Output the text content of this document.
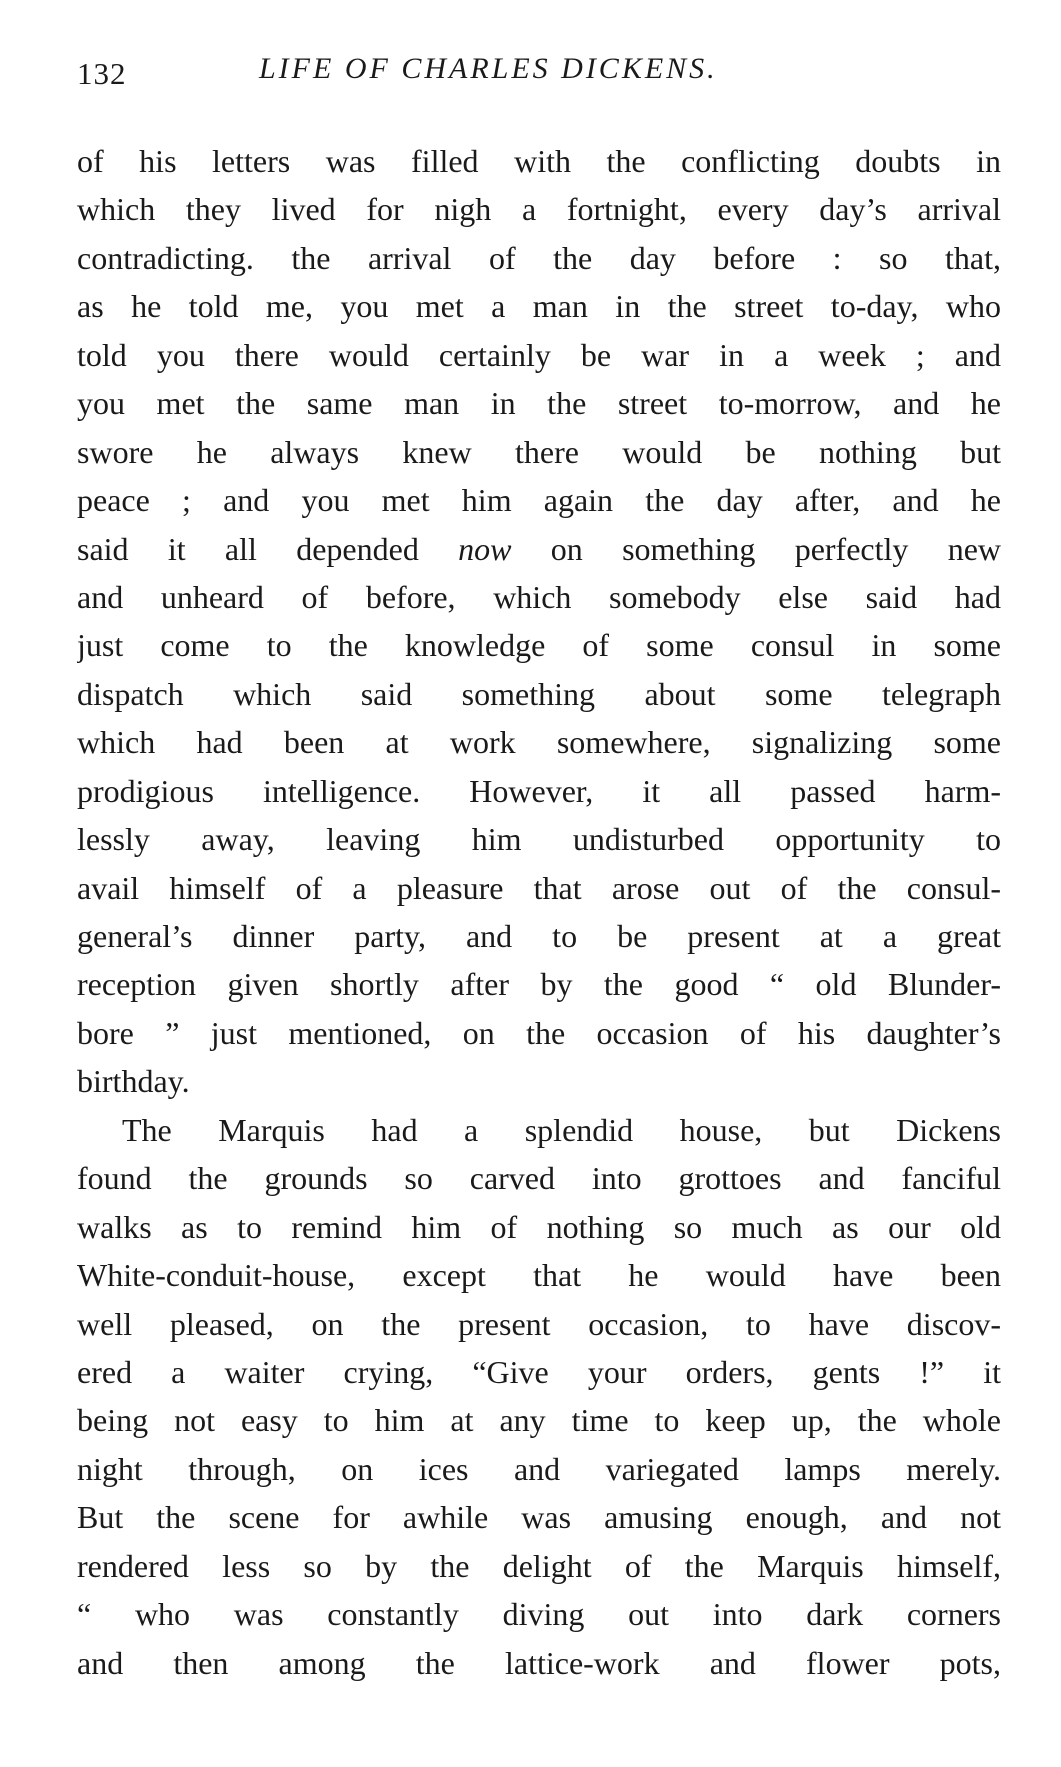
132	LIFE OF CHARLES DICKENS.
of his letters was filled with the conflicting doubts in
which they lived for nigh a fortnight, every day’s arrival
contradicting. the arrival of the day before : so that,
as he told me, you met a man in the street to-day, who
told you there would certainly be war in a week ; and
you met the same man in the street to-morrow, and he
swore he always knew there would be nothing but
peace ; and you met him again the day after, and he
said it all depended now on something perfectly new
and unheard of before, which somebody else said had
just come to the knowledge of some consul in some
dispatch which said something about some telegraph
which had been at work somewhere, signalizing some
prodigious intelligence. However, it all passed harm-
lessly away, leaving him undisturbed opportunity to
avail himself of a pleasure that arose out of the consul-
general’s dinner party, and to be present at a great
reception given shortly after by the good “ old Blunder-
bore ” just mentioned, on the occasion of his daughter’s
birthday.
The Marquis had a splendid house, but Dickens
found the grounds so carved into grottoes and fanciful
walks as to remind him of nothing so much as our old
White-conduit-house, except that he would have been
well pleased, on the present occasion, to have discov-
ered a waiter crying, “Give your orders, gents !” it
being not easy to him at any time to keep up, the whole
night through, on ices and variegated lamps merely.
But the scene for awhile was amusing enough, and not
rendered less so by the delight of the Marquis himself,
“ who was constantly diving out into dark corners
and then among the lattice-work and flower pots,
